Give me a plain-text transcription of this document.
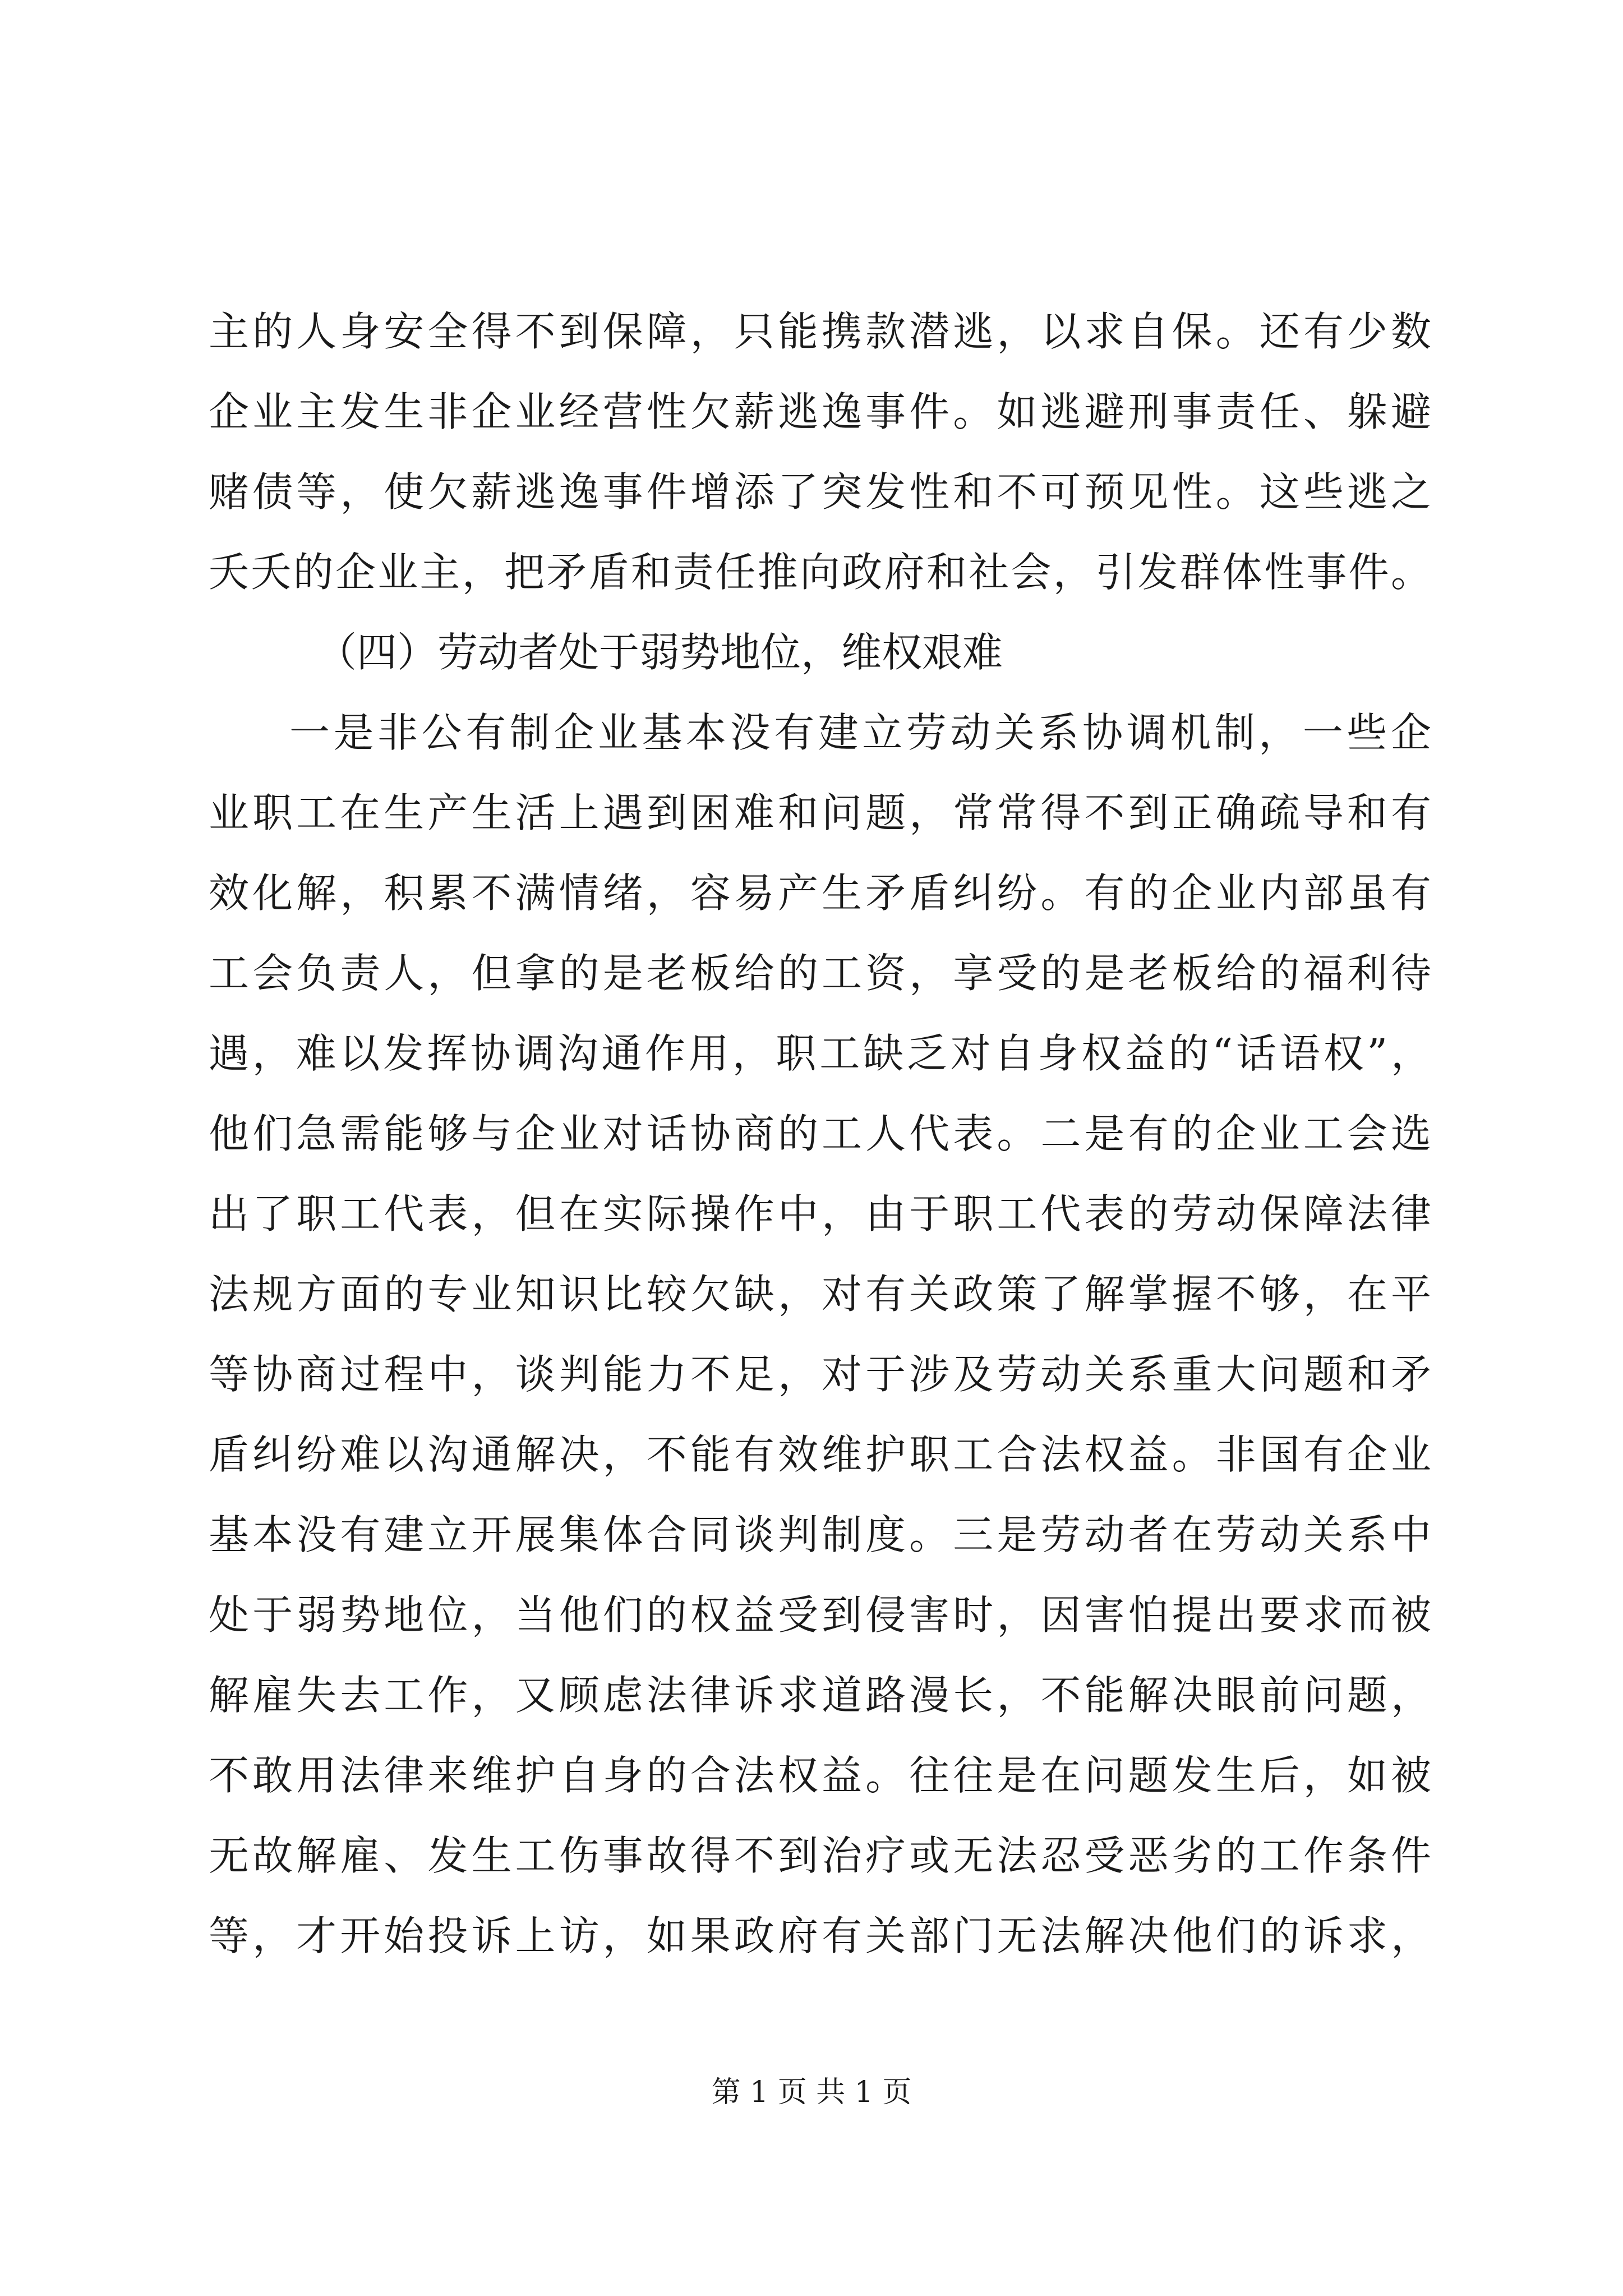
主的人身安全得不到保障，只能携款潜逃，以求自保。还有少数
企业主发生非企业经营性欠薪逃逸事件。如逃避刑事责任、躲避
赌债等，使欠薪逃逸事件增添了突发性和不可预见性。这些逃之
夭夭的企业主，把矛盾和责任推向政府和社会，引发群体性事件。
（四）劳动者处于弱势地位，维权艰难
一是非公有制企业基本没有建立劳动关系协调机制，一些企
业职工在生产生活上遇到困难和问题，常常得不到正确疏导和有
效化解，积累不满情绪，容易产生矛盾纠纷。有的企业内部虽有
工会负责人，但拿的是老板给的工资，享受的是老板给的福利待
遇，难以发挥协调沟通作用，职工缺乏对自身权益的“话语权”，
他们急需能够与企业对话协商的工人代表。二是有的企业工会选
出了职工代表，但在实际操作中，由于职工代表的劳动保障法律
法规方面的专业知识比较欠缺，对有关政策了解掌握不够，在平
等协商过程中，谈判能力不足，对于涉及劳动关系重大问题和矛
盾纠纷难以沟通解决，不能有效维护职工合法权益。非国有企业
基本没有建立开展集体合同谈判制度。三是劳动者在劳动关系中
处于弱势地位，当他们的权益受到侵害时，因害怕提出要求而被
解雇失去工作，又顾虑法律诉求道路漫长，不能解决眼前问题，
不敢用法律来维护自身的合法权益。往往是在问题发生后，如被
无故解雇、发生工伤事故得不到治疗或无法忍受恶劣的工作条件
等，才开始投诉上访，如果政府有关部门无法解决他们的诉求，
第 1 页 共 1 页
